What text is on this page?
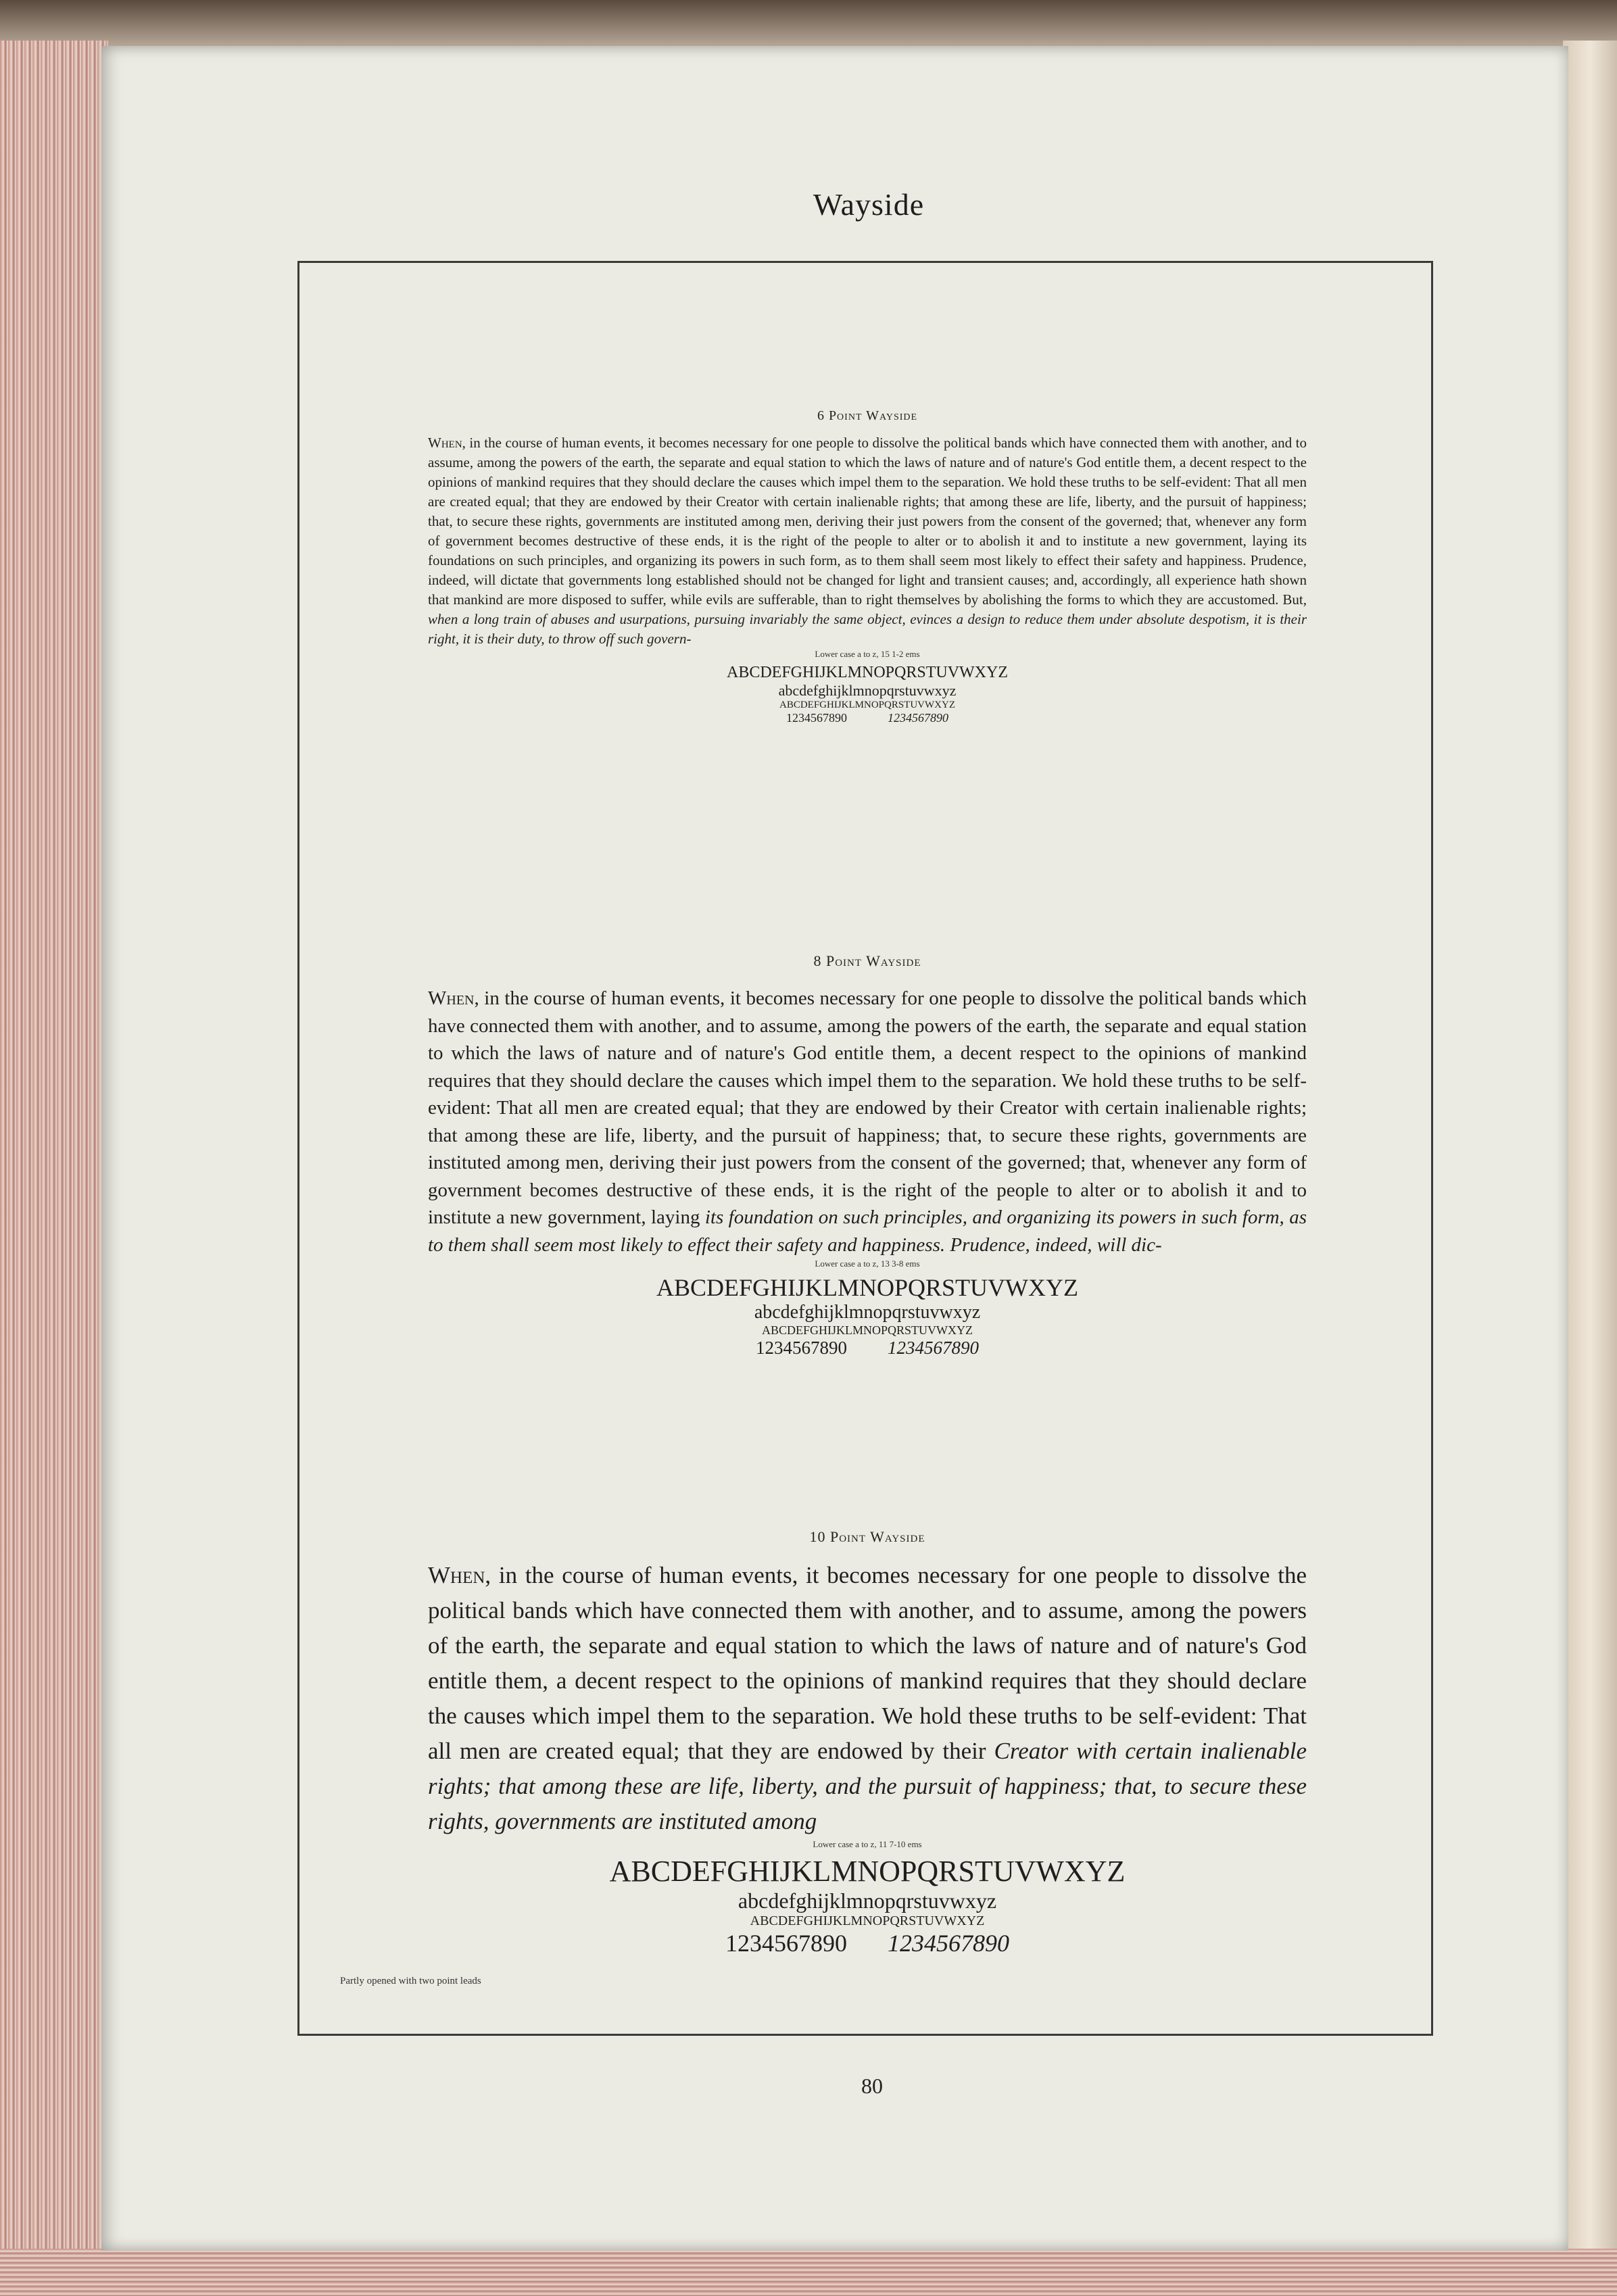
Wayside
6 Point Wayside
When, in the course of human events, it becomes necessary for one people to dissolve the political bands which have connected them with another, and to assume, among the powers of the earth, the separate and equal station to which the laws of nature and of nature's God entitle them, a decent respect to the opinions of mankind requires that they should declare the causes which impel them to the separation. We hold these truths to be self-evident: That all men are created equal; that they are endowed by their Creator with certain inalienable rights; that among these are life, liberty, and the pursuit of happiness; that, to secure these rights, governments are instituted among men, deriving their just powers from the consent of the governed; that, whenever any form of government becomes destructive of these ends, it is the right of the people to alter or to abolish it and to institute a new government, laying its foundations on such principles, and organizing its powers in such form, as to them shall seem most likely to effect their safety and happiness. Prudence, indeed, will dictate that governments long established should not be changed for light and transient causes; and, accordingly, all experience hath shown that mankind are more disposed to suffer, while evils are sufferable, than to right themselves by abolishing the forms to which they are accustomed. But, when a long train of abuses and usurpations, pursuing invariably the same object, evinces a design to reduce them under absolute despotism, it is their right, it is their duty, to throw off such govern-
Lower case a to z, 15 1-2 ems
ABCDEFGHIJKLMNOPQRSTUVWXYZ
abcdefghijklmnopqrstuvwxyz
ABCDEFGHIJKLMNOPQRSTUVWXYZ
1234567890	1234567890
8 Point Wayside
When, in the course of human events, it becomes necessary for one people to dissolve the political bands which have connected them with another, and to assume, among the powers of the earth, the separate and equal station to which the laws of nature and of nature's God entitle them, a decent respect to the opinions of mankind requires that they should declare the causes which impel them to the separation. We hold these truths to be self-evident: That all men are created equal; that they are endowed by their Creator with certain inalienable rights; that among these are life, liberty, and the pursuit of happiness; that, to secure these rights, governments are instituted among men, deriving their just powers from the consent of the governed; that, whenever any form of government becomes destructive of these ends, it is the right of the people to alter or to abolish it and to institute a new government, laying its foundation on such principles, and organizing its powers in such form, as to them shall seem most likely to effect their safety and happiness. Prudence, indeed, will dic-
Lower case a to z, 13 3-8 ems
ABCDEFGHIJKLMNOPQRSTUVWXYZ
abcdefghijklmnopqrstuvwxyz
ABCDEFGHIJKLMNOPQRSTUVWXYZ
1234567890 1234567890
10 Point Wayside
When, in the course of human events, it becomes necessary for one people to dissolve the political bands which have connected them with another, and to assume, among the powers of the earth, the separate and equal station to which the laws of nature and of nature's God entitle them, a decent respect to the opinions of mankind requires that they should declare the causes which impel them to the separation. We hold these truths to be self-evident: That all men are created equal; that they are endowed by their Creator with certain inalienable rights; that among these are life, liberty, and the pursuit of happiness; that, to secure these rights, governments are instituted among
Lower case a to z, 11 7-10 ems
ABCDEFGHIJKLMNOPQRSTUVWXYZ
abcdefghijklmnopqrstuvwxyz
ABCDEFGHIJKLMNOPQRSTUVWXYZ
1234567890 1234567890
Partly opened with two point leads
80
